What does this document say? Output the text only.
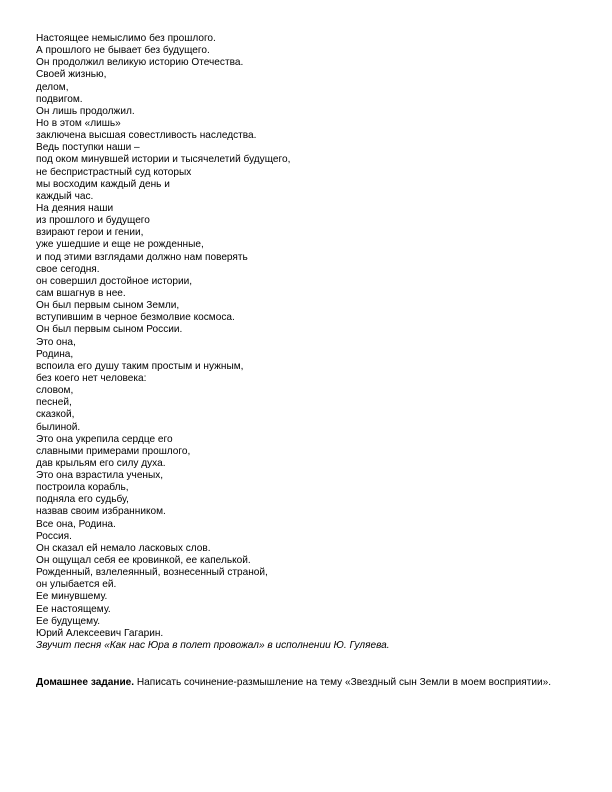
Настоящее немыслимо без прошлого.
А прошлого не бывает без будущего.
Он продолжил великую историю Отечества.
Своей жизнью,
делом,
подвигом.
Он лишь продолжил.
Но в этом «лишь»
заключена высшая совестливость наследства.
Ведь поступки наши –
под оком минувшей истории и тысячелетий будущего,
не беспристрастный суд которых
мы восходим каждый день и
каждый час.
На деяния наши
из прошлого и будущего
взирают герои и гении,
уже ушедшие и еще не рожденные,
и под этими взглядами должно нам поверять
свое сегодня.
он совершил достойное истории,
сам вшагнув в нее.
Он был первым сыном Земли,
вступившим в черное безмолвие космоса.
Он был первым сыном России.
Это она,
Родина,
вспоила его душу таким простым и нужным,
без коего нет человека:
словом,
песней,
сказкой,
былиной.
Это она укрепила сердце его
славными примерами прошлого,
дав крыльям его силу духа.
Это она взрастила ученых,
построила корабль,
подняла его судьбу,
назвав своим избранником.
Все она, Родина.
Россия.
Он сказал ей немало ласковых слов.
Он ощущал себя ее кровинкой, ее капелькой.
Рожденный, взлелеянный, вознесенный страной,
он улыбается ей.
Ее минувшему.
Ее настоящему.
Ее будущему.
Юрий Алексеевич Гагарин.
Звучит песня «Как нас Юра в полет провожал» в исполнении Ю. Гуляева.
Домашнее задание. Написать сочинение-размышление на тему «Звездный сын Земли в моем восприятии».
